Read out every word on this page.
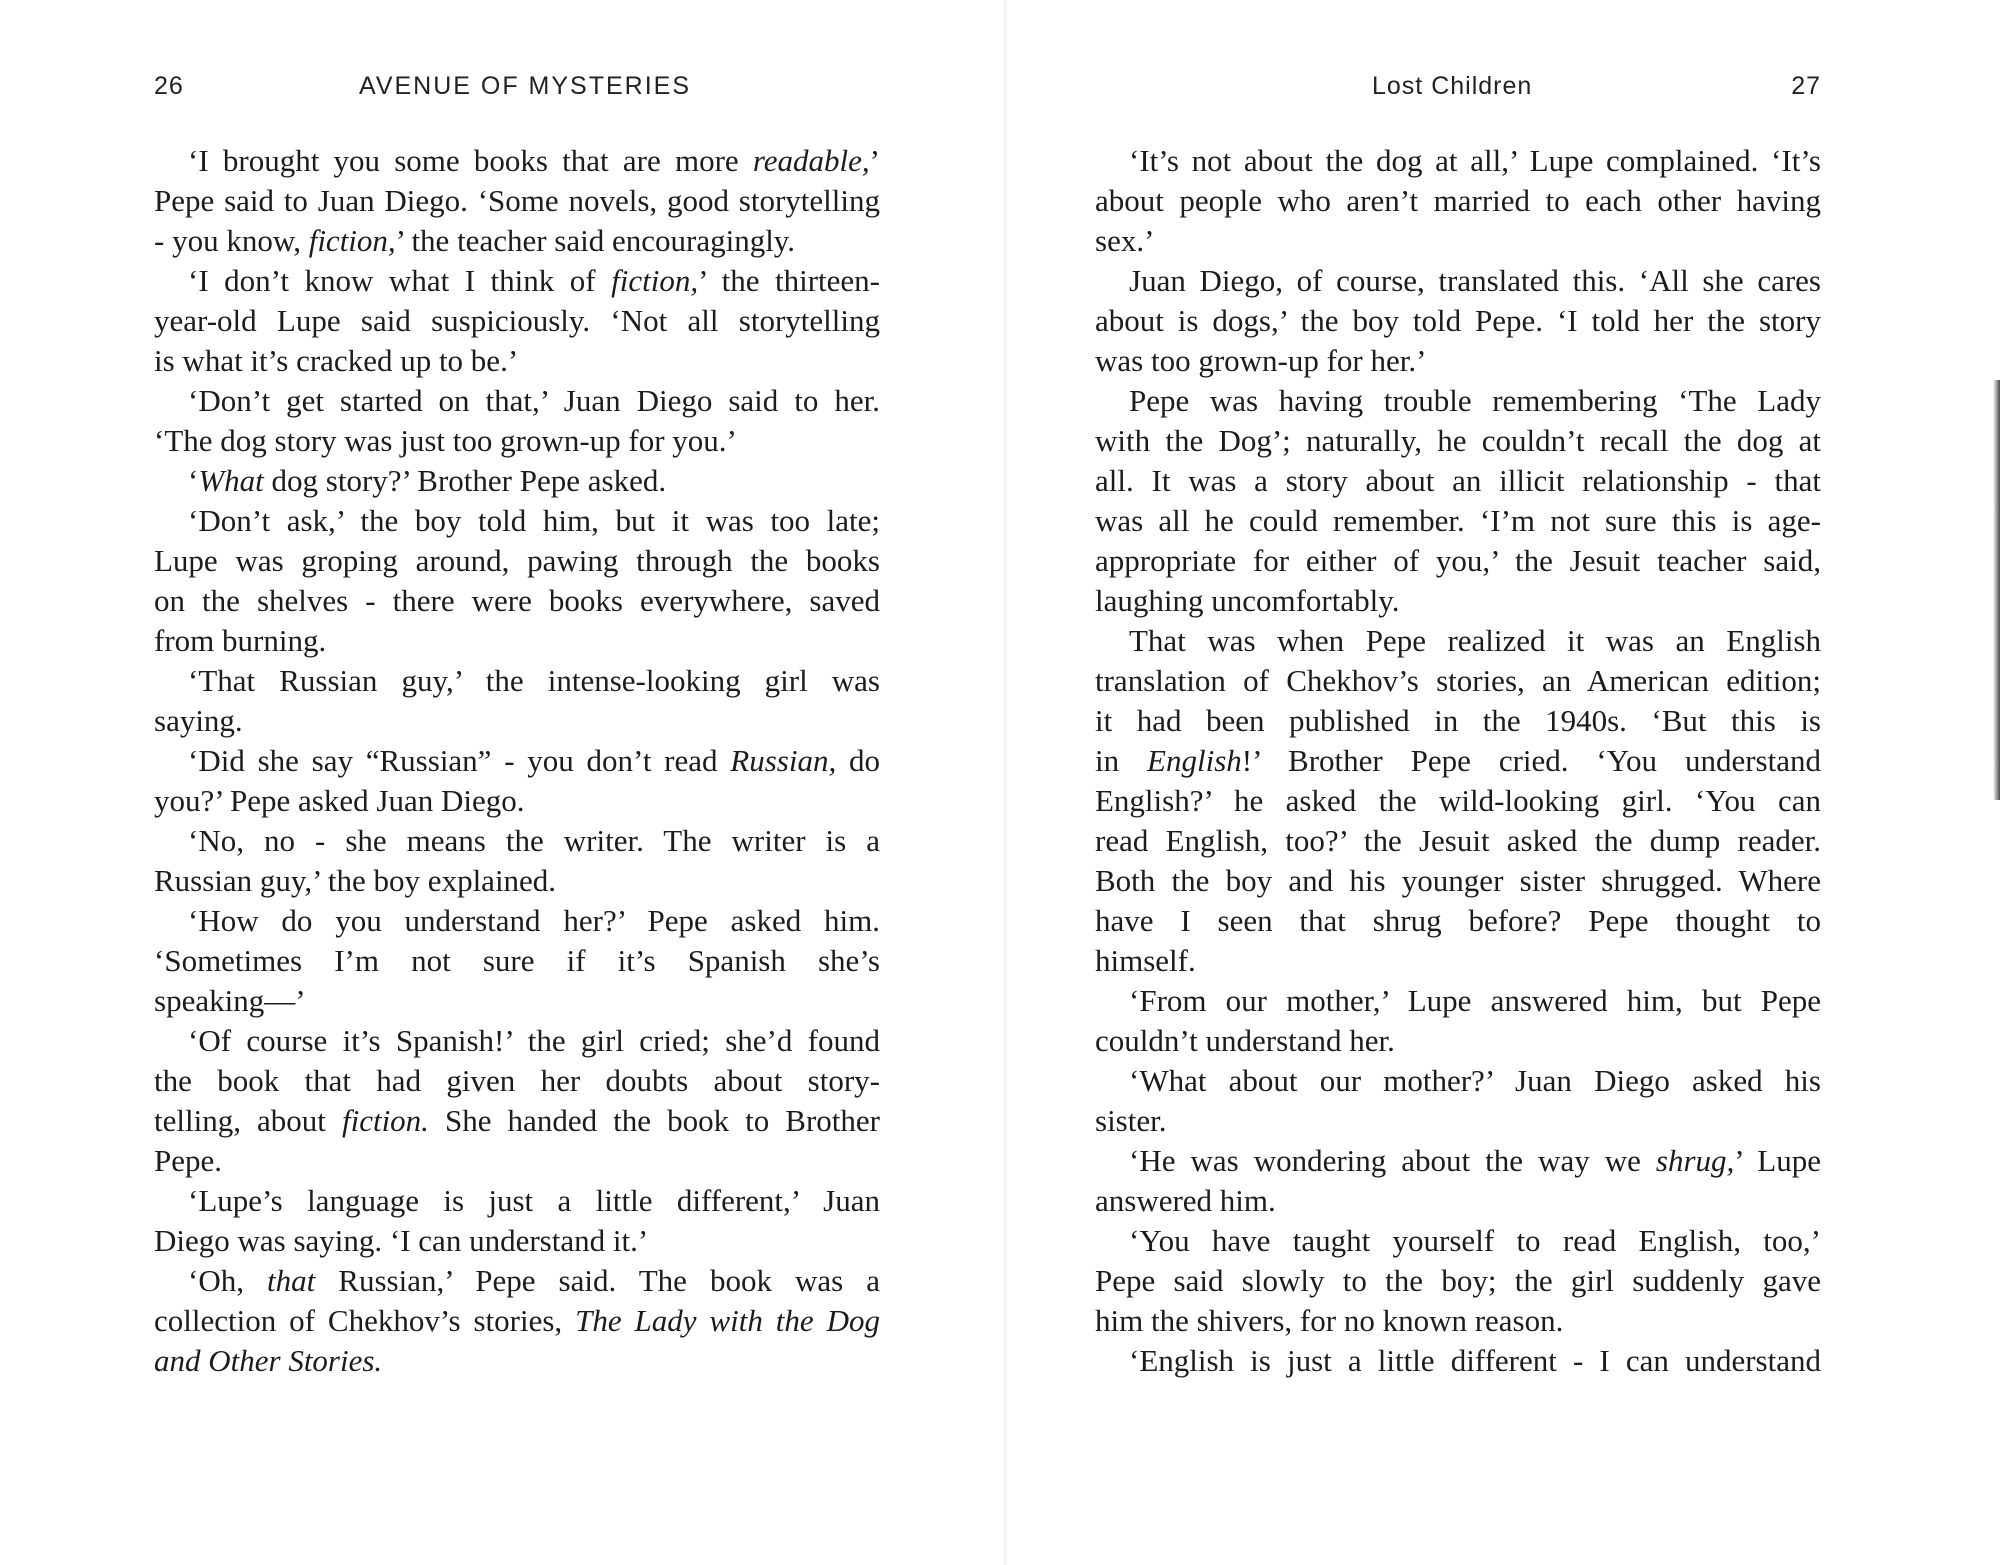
26	AVENUE OF MYSTERIES
‘I brought you some books that are more readable,’
Pepe said to Juan Diego. ‘Some novels, good storytelling
- you know, fiction,’ the teacher said encouragingly.
‘I don’t know what I think of fiction,’ the thirteen-
year-old Lupe said suspiciously. ‘Not all storytelling
is what it’s cracked up to be.’
‘Don’t get started on that,’ Juan Diego said to her.
‘The dog story was just too grown-up for you.’
‘What dog story?’ Brother Pepe asked.
‘Don’t ask,’ the boy told him, but it was too late;
Lupe was groping around, pawing through the books
on the shelves - there were books everywhere, saved
from burning.
‘That Russian guy,’ the intense-looking girl was
saying.
‘Did she say “Russian” - you don’t read Russian, do
you?’ Pepe asked Juan Diego.
‘No, no - she means the writer. The writer is a
Russian guy,’ the boy explained.
‘How do you understand her?’ Pepe asked him.
‘Sometimes I’m not sure if it’s Spanish she’s
speaking—’
‘Of course it’s Spanish!’ the girl cried; she’d found
the book that had given her doubts about story-
telling, about fiction. She handed the book to Brother
Pepe.
‘Lupe’s language is just a little different,’ Juan
Diego was saying. ‘I can understand it.’
‘Oh, that Russian,’ Pepe said. The book was a
collection of Chekhov’s stories, The Lady with the Dog
and Other Stories.
Lost Children	27
‘It’s not about the dog at all,’ Lupe complained. ‘It’s
about people who aren’t married to each other having
sex.’
Juan Diego, of course, translated this. ‘All she cares
about is dogs,’ the boy told Pepe. ‘I told her the story
was too grown-up for her.’
Pepe was having trouble remembering ‘The Lady
with the Dog’; naturally, he couldn’t recall the dog at
all. It was a story about an illicit relationship - that
was all he could remember. ‘I’m not sure this is age-
appropriate for either of you,’ the Jesuit teacher said,
laughing uncomfortably.
That was when Pepe realized it was an English
translation of Chekhov’s stories, an American edition;
it had been published in the 1940s. ‘But this is
in English!’ Brother Pepe cried. ‘You understand
English?’ he asked the wild-looking girl. ‘You can
read English, too?’ the Jesuit asked the dump reader.
Both the boy and his younger sister shrugged. Where
have I seen that shrug before? Pepe thought to
himself.
‘From our mother,’ Lupe answered him, but Pepe
couldn’t understand her.
‘What about our mother?’ Juan Diego asked his
sister.
‘He was wondering about the way we shrug,’ Lupe
answered him.
‘You have taught yourself to read English, too,’
Pepe said slowly to the boy; the girl suddenly gave
him the shivers, for no known reason.
‘English is just a little different - I can understand
